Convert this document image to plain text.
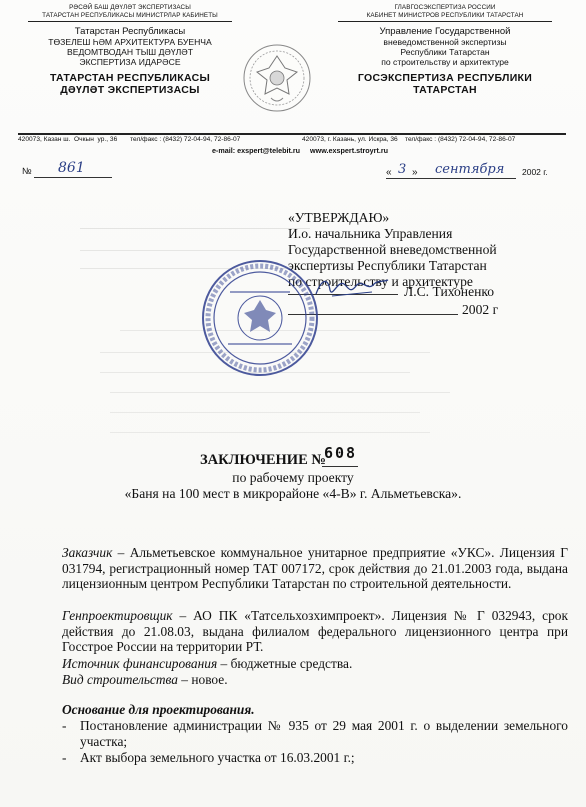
РӘСӘЙ БАШ ДӘҮЛӘТ ЭКСПЕРТИЗАСЫ
ТАТАРСТАН РЕСПУБЛИКАСЫ МИНИСТРЛАР КАБИНЕТЫ
Татарстан Республикасы
ТӨЗЕЛЕШ ҺӘМ АРХИТЕКТУРА БУЕНЧА
ВЕДОМТВОДАН ТЫШ ДӘҮЛӘТ
ЭКСПЕРТИЗА ИДАРӘСЕ
ТАТАРСТАН РЕСПУБЛИКАСЫ
ДӘҮЛӘТ ЭКСПЕРТИЗАСЫ
ГЛАВГОСЭКСПЕРТИЗА РОССИИ
КАБИНЕТ МИНИСТРОВ РЕСПУБЛИКИ ТАТАРСТАН
Управление Государственной
вневедомственной экспертизы
Республики Татарстан
по строительству и архитектуре
ГОСЭКСПЕРТИЗА РЕСПУБЛИКИ
ТАТАРСТАН
420073, Казан ш.  Очкын  ур., 36       тел/факс : (8432) 72-04-94, 72-86-07	420073, г. Казань, ул. Искра, 36    тел/факс : (8432) 72-04-94, 72-86-07
e-mail: exspert@telebit.ru     www.exspert.stroyrt.ru
№ 861	« 3 » сентября 2002 г.
«УТВЕРЖДАЮ»
И.о. начальника Управления
Государственной вневедомственной
экспертизы Республики Татарстан
по строительству и архитектуре
Л.С. Тихоненко
2002 г
ЗАКЛЮЧЕНИЕ №
608
по рабочему проекту
«Баня на 100 мест в микрорайоне «4-В» г. Альметьевска».
Заказчик – Альметьевское коммунальное унитарное предприятие «УКС». Лицензия Г 031794, регистрационный номер ТАТ 007172, срок действия до 21.01.2003 года, выдана лицензионным центром Республики Татарстан по строительной деятельности.
Генпроектировщик – АО ПК «Татсельхозхимпроект». Лицензия № Г 032943, срок действия до 21.08.03, выдана филиалом федерального лицензионного центра при Госстрое России на территории РТ.
Источник финансирования – бюджетные средства.
Вид строительства – новое.
Основание для проектирования.
- Постановление администрации № 935 от 29 мая 2001 г. о выделении земельного участка;
- Акт выбора земельного участка от 16.03.2001 г.;
